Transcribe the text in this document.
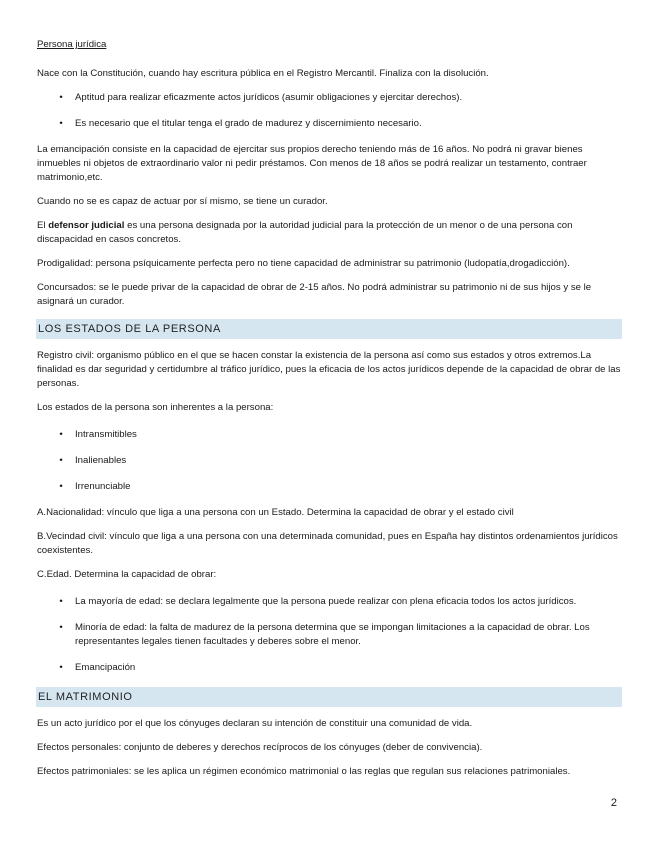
Persona jurídica

Nace con la Constitución, cuando hay escritura pública en el Registro Mercantil. Finaliza con la disolución.

• Aptitud para realizar eficazmente actos jurídicos (asumir obligaciones y ejercitar derechos).
• Es necesario que el titular tenga el grado de madurez y discernimiento necesario.

La emancipación consiste en la capacidad de ejercitar sus propios derecho teniendo más de 16 años. No podrá ni gravar bienes inmuebles ni objetos de extraordinario valor ni pedir préstamos. Con menos de 18 años se podrá realizar un testamento, contraer matrimonio,etc.

Cuando no se es capaz de actuar por sí mismo, se tiene un curador.

El defensor judicial es una persona designada por la autoridad judicial para la protección de un menor o de una persona con discapacidad en casos concretos.

Prodigalidad: persona psíquicamente perfecta pero no tiene capacidad de administrar su patrimonio (ludopatía,drogadicción).

Concursados: se le puede privar de la capacidad de obrar de 2-15 años. No podrá administrar su patrimonio ni de sus hijos y se le asignará un curador.

LOS ESTADOS DE LA PERSONA

Registro civil: organismo público en el que se hacen constar la existencia de la persona así como sus estados y otros extremos.La finalidad es dar seguridad y certidumbre al tráfico jurídico, pues la eficacia de los actos jurídicos depende de la capacidad de obrar de las personas.

Los estados de la persona son inherentes a la persona:

• Intransmitibles
• Inalienables
• Irrenunciable

A.Nacionalidad: vínculo que liga a una persona con un Estado. Determina la capacidad de obrar y el estado civil

B.Vecindad civil: vínculo que liga a una persona con una determinada comunidad, pues en España hay distintos ordenamientos jurídicos coexistentes.

C.Edad. Determina la capacidad de obrar:

• La mayoría de edad: se declara legalmente que la persona puede realizar con plena eficacia todos los actos jurídicos.
• Minoría de edad: la falta de madurez de la persona determina que se impongan limitaciones a la capacidad de obrar. Los representantes legales tienen facultades y deberes sobre el menor.
• Emancipación
EL MATRIMONIO

Es un acto jurídico por el que los cónyuges declaran su intención de constituir una comunidad de vida.

Efectos personales: conjunto de deberes y derechos recíprocos de los cónyuges (deber de convivencia).

Efectos patrimoniales: se les aplica un régimen económico matrimonial o las reglas que regulan sus relaciones patrimoniales.

2
